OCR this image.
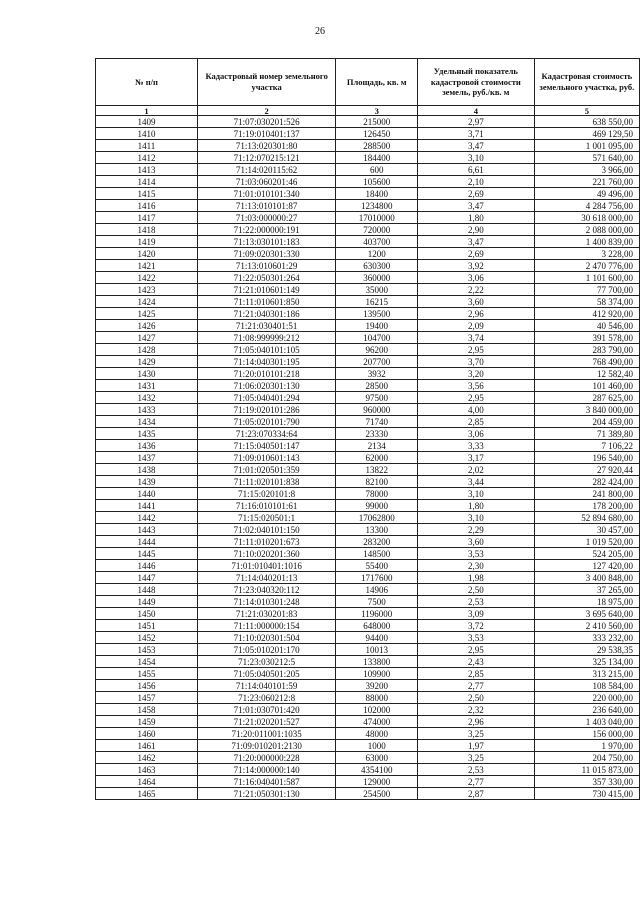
26
№ п/п	Кадастровый номер земельного участка	Площадь, кв. м	Удельный показатель кадастровой стоимости земель, руб./кв. м	Кадастровая стоимость земельного участка, руб.
1	2	3	4	5
1409	71:07:030201:526	215000	2,97	638 550,00
1410	71:19:010401:137	126450	3,71	469 129,50
1411	71:13:020301:80	288500	3,47	1 001 095,00
1412	71:12:070215:121	184400	3,10	571 640,00
1413	71:14:020115:62	600	6,61	3 966,00
1414	71:03:060201:46	105600	2,10	221 760,00
1415	71:01:010101:340	18400	2,69	49 496,00
1416	71:13:010101:87	1234800	3,47	4 284 756,00
1417	71:03:000000:27	17010000	1,80	30 618 000,00
1418	71:22:000000:191	720000	2,90	2 088 000,00
1419	71:13:030101:183	403700	3,47	1 400 839,00
1420	71:09:020301:330	1200	2,69	3 228,00
1421	71:13:010601:29	630300	3,92	2 470 776,00
1422	71:22:050301:264	360000	3,06	1 101 600,00
1423	71:21:010601:149	35000	2,22	77 700,00
1424	71:11:010601:850	16215	3,60	58 374,00
1425	71:21:040301:186	139500	2,96	412 920,00
1426	71:21:030401:51	19400	2,09	40 546,00
1427	71:08:999999:212	104700	3,74	391 578,00
1428	71:05:040101:105	96200	2,95	283 790,00
1429	71:14:040301:195	207700	3,70	768 490,00
1430	71:20:010101:218	3932	3,20	12 582,40
1431	71:06:020301:130	28500	3,56	101 460,00
1432	71:05:040401:294	97500	2,95	287 625,00
1433	71:19:020101:286	960000	4,00	3 840 000,00
1434	71:05:020101:790	71740	2,85	204 459,00
1435	71:23:070334:64	23330	3,06	71 389,80
1436	71:15:040501:147	2134	3,33	7 106,22
1437	71:09:010601:143	62000	3,17	196 540,00
1438	71:01:020501:359	13822	2,02	27 920,44
1439	71:11:020101:838	82100	3,44	282 424,00
1440	71:15:020101:8	78000	3,10	241 800,00
1441	71:16:010101:61	99000	1,80	178 200,00
1442	71:15:020501:1	17062800	3,10	52 894 680,00
1443	71:02:040101:150	13300	2,29	30 457,00
1444	71:11:010201:673	283200	3,60	1 019 520,00
1445	71:10:020201:360	148500	3,53	524 205,00
1446	71:01:010401:1016	55400	2,30	127 420,00
1447	71:14:040201:13	1717600	1,98	3 400 848,00
1448	71:23:040320:112	14906	2,50	37 265,00
1449	71:14:010301:248	7500	2,53	18 975,00
1450	71:21:030201:83	1196000	3,09	3 695 640,00
1451	71:11:000000:154	648000	3,72	2 410 560,00
1452	71:10:020301:504	94400	3,53	333 232,00
1453	71:05:010201:170	10013	2,95	29 538,35
1454	71:23:030212:5	133800	2,43	325 134,00
1455	71:05:040501:205	109900	2,85	313 215,00
1456	71:14:040101:59	39200	2,77	108 584,00
1457	71:23:060212:8	88000	2,50	220 000,00
1458	71:01:030701:420	102000	2,32	236 640,00
1459	71:21:020201:527	474000	2,96	1 403 040,00
1460	71:20:011001:1035	48000	3,25	156 000,00
1461	71:09:010201:2130	1000	1,97	1 970,00
1462	71:20:000000:228	63000	3,25	204 750,00
1463	71:14:000000:140	4354100	2,53	11 015 873,00
1464	71:16:040401:587	129000	2,77	357 330,00
1465	71:21:050301:130	254500	2,87	730 415,00
